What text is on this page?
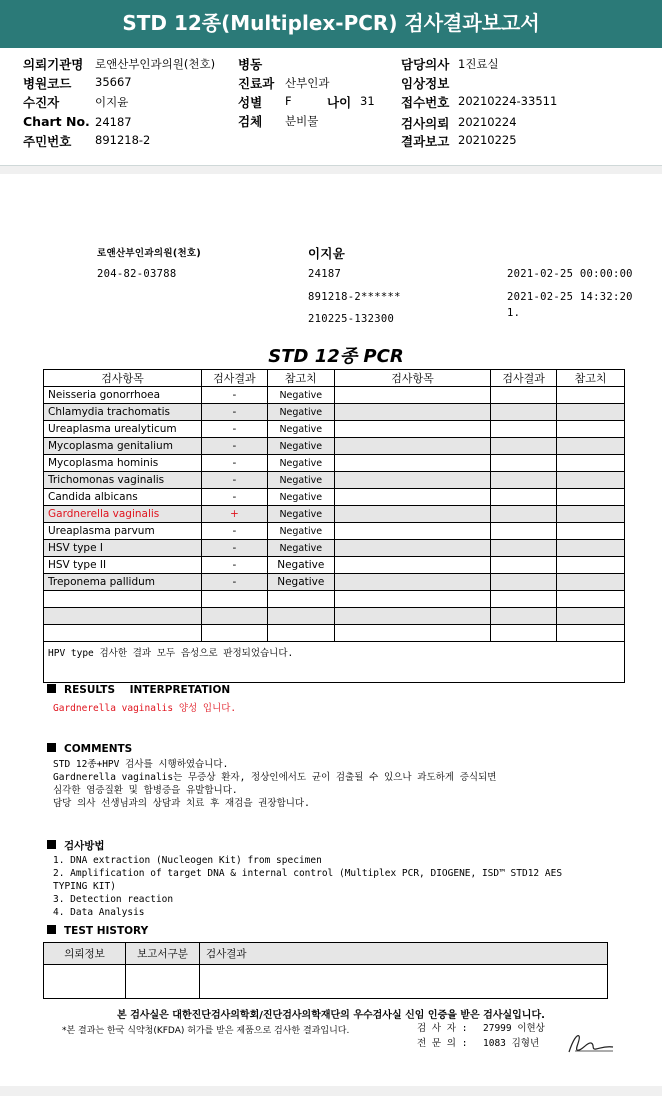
STD 12종(Multiplex-PCR) 검사결과보고서
의뢰기관명 로앤산부인과의원(천호)
병원코드 35667
수진자	이지윤
Chart No. 24187
주민번호 891218-2
병동
진료과 산부인과
성별 F	나이 31
검체 분비물
담당의사 1진료실
임상정보
접수번호 20210224-33511
검사의뢰 20210224
결과보고 20210225
로앤산부인과의원(천호)
204-82-03788
이지윤
24187
891218-2******
210225-132300
2021-02-25 00:00:00
2021-02-25 14:32:20
1.
STD 12종 PCR
검사항목	검사결과	참고치	검사항목	검사결과	참고치
Neisseria gonorrhoea	-	Negative			
Chlamydia trachomatis	-	Negative			
Ureaplasma urealyticum	-	Negative			
Mycoplasma genitalium	-	Negative			
Mycoplasma hominis	-	Negative			
Trichomonas vaginalis	-	Negative			
Candida albicans	-	Negative			
Gardnerella vaginalis	+	Negative			
Ureaplasma parvum	-	Negative			
HSV type I	-	Negative			
HSV type II	-	Negative			
Treponema pallidum	-	Negative			

HPV type 검사한 결과 모두 음성으로 판정되었습니다.					
RESULTS    INTERPRETATION
Gardnerella vaginalis 양성 입니다.
COMMENTS
STD 12종+HPV 검사를 시행하였습니다.
Gardnerella vaginalis는 무증상 환자, 정상인에서도 균이 검출될 수 있으나 과도하게 증식되면
심각한 염증질환 및 합병증을 유발합니다.
담당 의사 선생님과의 상담과 치료 후 재검을 권장합니다.
검사방법
1. DNA extraction (Nucleogen Kit) from specimen
2. Amplification of target DNA & internal control (Multiplex PCR, DIOGENE, ISD™ STD12 AES
TYPING KIT)
3. Detection reaction
4. Data Analysis
TEST HISTORY
의뢰정보	보고서구분	검사결과

본 검사실은 대한진단검사의학회/진단검사의학재단의 우수검사실 신임 인증을 받은 검사실입니다.
*본 결과는 한국 식약청(KFDA) 허가를 받은 제품으로 검사한 결과입니다.	검 사 자 : 27999 이현상
전 문 의 : 1083 김형년
